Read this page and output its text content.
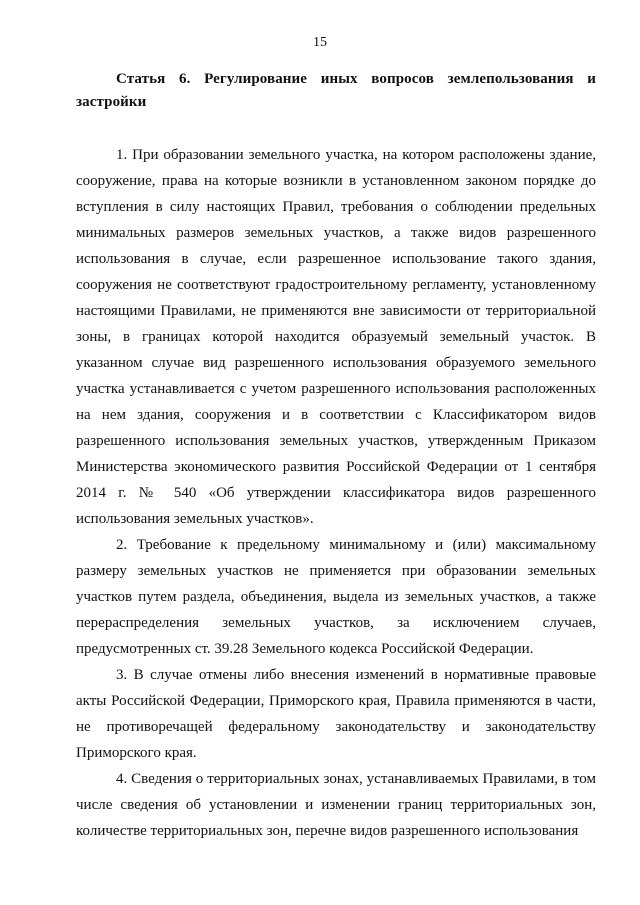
15
Статья 6. Регулирование иных вопросов землепользования и застройки

1. При образовании земельного участка, на котором расположены здание, сооружение, права на которые возникли в установленном законом порядке до вступления в силу настоящих Правил, требования о соблюдении предельных минимальных размеров земельных участков, а также видов разрешенного использования в случае, если разрешенное использование такого здания, сооружения не соответствуют градостроительному регламенту, установленному настоящими Правилами, не применяются вне зависимости от территориальной зоны, в границах которой находится образуемый земельный участок. В указанном случае вид разрешенного использования образуемого земельного участка устанавливается с учетом разрешенного использования расположенных на нем здания, сооружения и в соответствии с Классификатором видов разрешенного использования земельных участков, утвержденным Приказом Министерства экономического развития Российской Федерации от 1 сентября 2014 г. № 540 «Об утверждении классификатора видов разрешенного использования земельных участков».

2. Требование к предельному минимальному и (или) максимальному размеру земельных участков не применяется при образовании земельных участков путем раздела, объединения, выдела из земельных участков, а также перераспределения земельных участков, за исключением случаев, предусмотренных ст. 39.28 Земельного кодекса Российской Федерации.

3. В случае отмены либо внесения изменений в нормативные правовые акты Российской Федерации, Приморского края, Правила применяются в части, не противоречащей федеральному законодательству и законодательству Приморского края.

4. Сведения о территориальных зонах, устанавливаемых Правилами, в том числе сведения об установлении и изменении границ территориальных зон, количестве территориальных зон, перечне видов разрешенного использования
